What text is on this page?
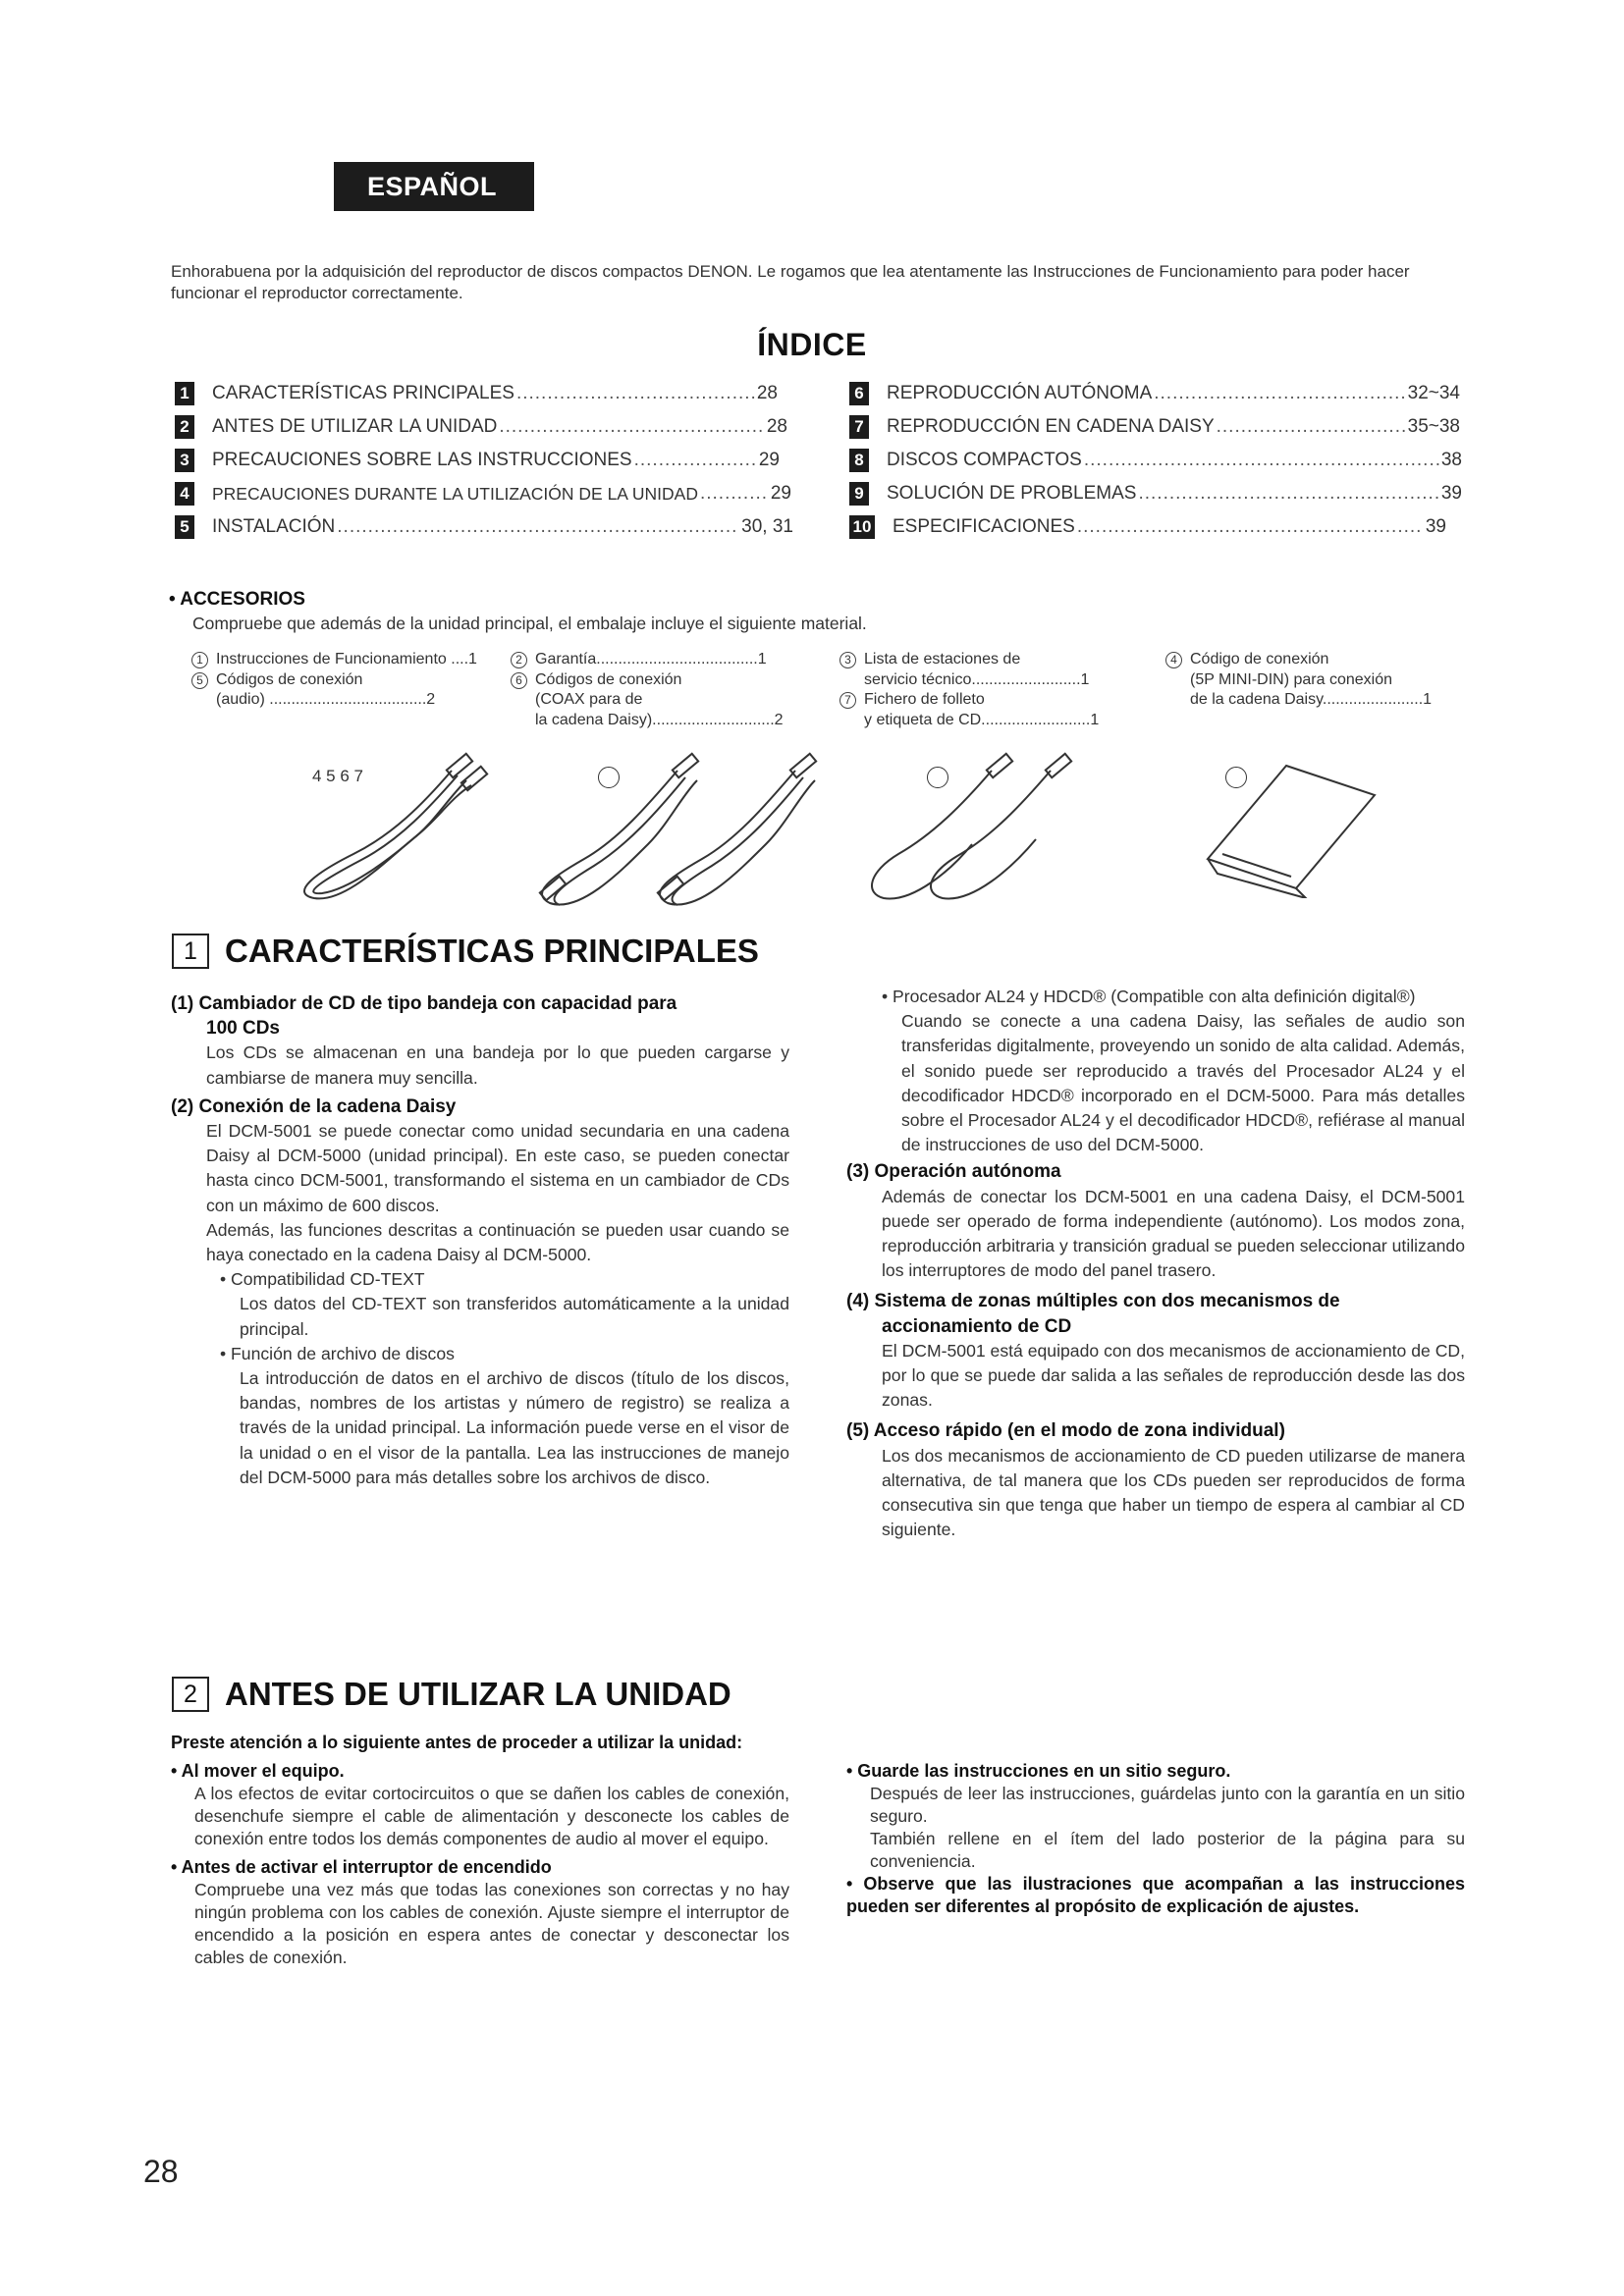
ESPAÑOL
Enhorabuena por la adquisición del reproductor de discos compactos DENON. Le rogamos que lea atentamente las Instrucciones de Funcionamiento para poder hacer funcionar el reproductor correctamente.
ÍNDICE
1 CARACTERÍSTICAS PRINCIPALES .....	28
2 ANTES DE UTILIZAR LA UNIDAD .....	28
3 PRECAUCIONES SOBRE LAS INSTRUCCIONES .....	29
4	PRECAUCIONES DURANTE LA UTILIZACIÓN DE LA UNIDAD .....	29
5 INSTALACIÓN .....	30, 31
6 REPRODUCCIÓN AUTÓNOMA .....	32~34
7 REPRODUCCIÓN EN CADENA DAISY .....	35~38
8 DISCOS COMPACTOS .....	38
9 SOLUCIÓN DE PROBLEMAS .....	39
10 ESPECIFICACIONES .....	39
• ACCESORIOS
Compruebe que además de la unidad principal, el embalaje incluye el siguiente material.
1 Instrucciones de Funcionamiento ....1
5 Códigos de conexión
(audio) ....................................2
2 Garantía.....................................1
6 Códigos de conexión
(COAX para de
la cadena Daisy)............................2
3 Lista de estaciones de
servicio técnico.........................1
7 Fichero de folleto
y etiqueta de CD.........................1
4 Código de conexión
(5P MINI-DIN) para conexión
de la cadena Daisy.......................1
4 5 6 7
1 CARACTERÍSTICAS PRINCIPALES
(1) Cambiador de CD de tipo bandeja con capacidad para
100 CDs
Los CDs se almacenan en una bandeja por lo que pueden cargarse y cambiarse de manera muy sencilla.
(2) Conexión de la cadena Daisy
El DCM-5001 se puede conectar como unidad secundaria en una cadena Daisy al DCM-5000 (unidad principal). En este caso, se pueden conectar hasta cinco DCM-5001, transformando el sistema en un cambiador de CDs con un máximo de 600 discos.
Además, las funciones descritas a continuación se pueden usar cuando se haya conectado en la cadena Daisy al DCM-5000.
• Compatibilidad CD-TEXT
Los datos del CD-TEXT son transferidos automáticamente a la unidad principal.
• Función de archivo de discos
La introducción de datos en el archivo de discos (título de los discos, bandas, nombres de los artistas y número de registro) se realiza a través de la unidad principal. La información puede verse en el visor de la unidad o en el visor de la pantalla. Lea las instrucciones de manejo del DCM-5000 para más detalles sobre los archivos de disco.
• Procesador AL24 y HDCD® (Compatible con alta definición digital®)
Cuando se conecte a una cadena Daisy, las señales de audio son transferidas digitalmente, proveyendo un sonido de alta calidad. Además, el sonido puede ser reproducido a través del Procesador AL24 y el decodificador HDCD® incorporado en el DCM-5000. Para más detalles sobre el Procesador AL24 y el decodificador HDCD®, refiérase al manual de instrucciones de uso del DCM-5000.
(3) Operación autónoma
Además de conectar los DCM-5001 en una cadena Daisy, el DCM-5001 puede ser operado de forma independiente (autónomo). Los modos zona, reproducción arbitraria y transición gradual se pueden seleccionar utilizando los interruptores de modo del panel trasero.
(4) Sistema de zonas múltiples con dos mecanismos de
accionamiento de CD
El DCM-5001 está equipado con dos mecanismos de accionamiento de CD, por lo que se puede dar salida a las señales de reproducción desde las dos zonas.
(5) Acceso rápido (en el modo de zona individual)
Los dos mecanismos de accionamiento de CD pueden utilizarse de manera alternativa, de tal manera que los CDs pueden ser reproducidos de forma consecutiva sin que tenga que haber un tiempo de espera al cambiar al CD siguiente.
2 ANTES DE UTILIZAR LA UNIDAD
Preste atención a lo siguiente antes de proceder a utilizar la unidad:
• Al mover el equipo.
A los efectos de evitar cortocircuitos o que se dañen los cables de conexión, desenchufe siempre el cable de alimentación y desconecte los cables de conexión entre todos los demás componentes de audio al mover el equipo.
• Antes de activar el interruptor de encendido
Compruebe una vez más que todas las conexiones son correctas y no hay ningún problema con los cables de conexión. Ajuste siempre el interruptor de encendido a la posición en espera antes de conectar y desconectar los cables de conexión.
• Guarde las instrucciones en un sitio seguro.
Después de leer las instrucciones, guárdelas junto con la garantía en un sitio seguro.
También rellene en el ítem del lado posterior de la página para su conveniencia.
• Observe que las ilustraciones que acompañan a las instrucciones pueden ser diferentes al propósito de explicación de ajustes.
28
